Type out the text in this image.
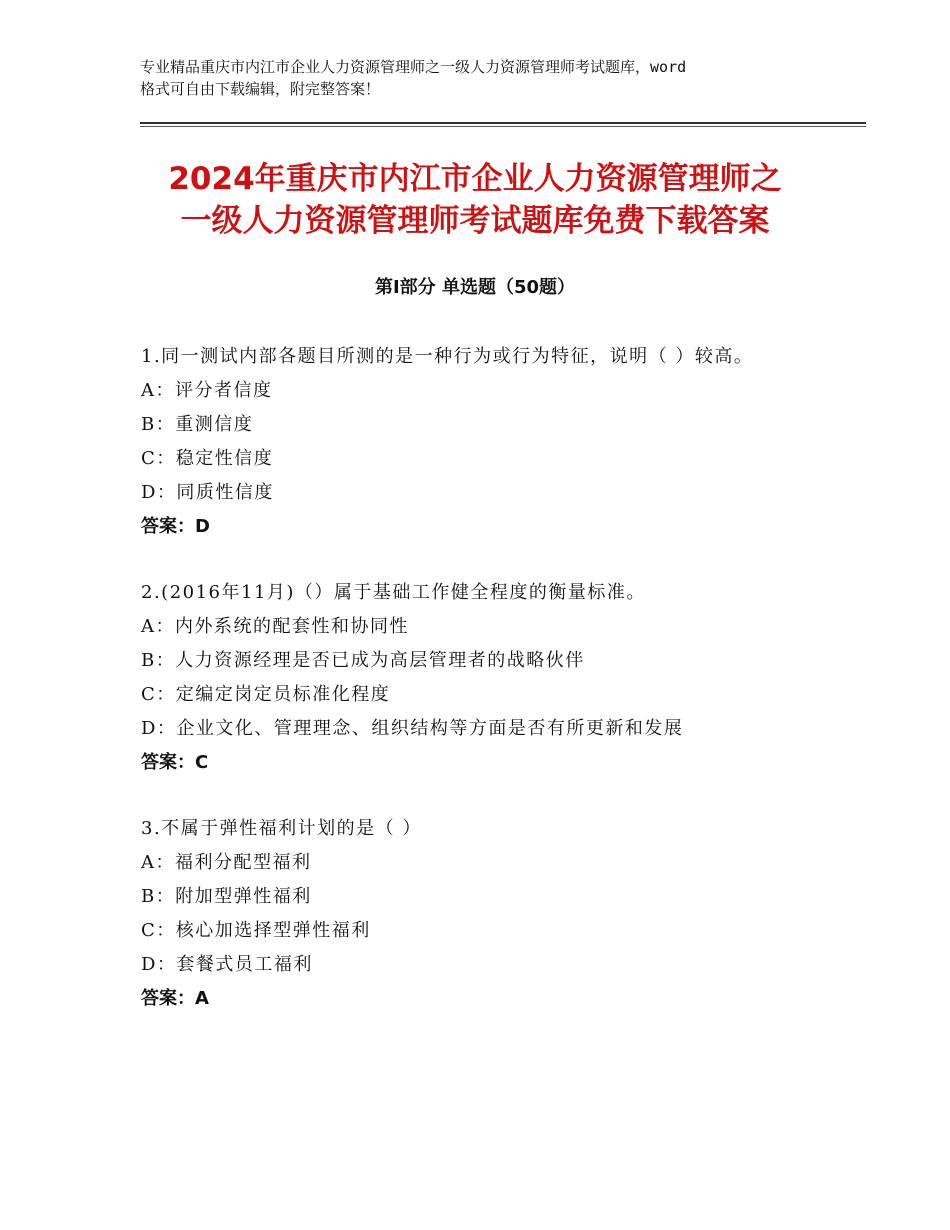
专业精品重庆市内江市企业人力资源管理师之一级人力资源管理师考试题库，word
格式可自由下载编辑，附完整答案！
2024年重庆市内江市企业人力资源管理师之
一级人力资源管理师考试题库免费下载答案
第Ⅰ部分 单选题（50题）
1.同一测试内部各题目所测的是一种行为或行为特征，说明（ ）较高。
A：评分者信度
B：重测信度
C：稳定性信度
D：同质性信度
答案：D
2.(2016年11月)（）属于基础工作健全程度的衡量标准。
A：内外系统的配套性和协同性
B：人力资源经理是否已成为高层管理者的战略伙伴
C：定编定岗定员标准化程度
D：企业文化、管理理念、组织结构等方面是否有所更新和发展
答案：C
3.不属于弹性福利计划的是（ ）
A：福利分配型福利
B：附加型弹性福利
C：核心加选择型弹性福利
D：套餐式员工福利
答案：A
